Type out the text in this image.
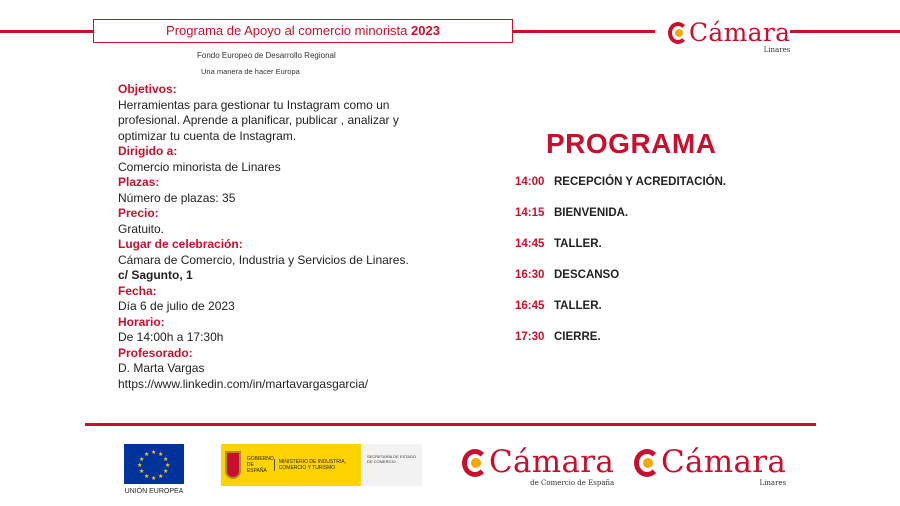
Programa de Apoyo al comercio minorista 2023
Fondo Europeo de Desarrollo Regional
Una manera de hacer Europa
Cámara
Linares
Objetivos:
Herramientas para gestionar tu Instagram como un profesional. Aprende a planificar, publicar , analizar y optimizar tu cuenta de Instagram.
Dirigido a:
Comercio minorista de Linares
Plazas:
Número de plazas: 35
Precio:
Gratuito.
Lugar de celebración:
Cámara de Comercio, Industria y Servicios de Linares.
c/ Sagunto, 1
Fecha:
Día 6 de julio de 2023
Horario:
De 14:00h a 17:30h
Profesorado:
D. Marta Vargas
https://www.linkedin.com/in/martavargasgarcia/
PROGRAMA
14:00 RECEPCIÓN Y ACREDITACIÓN.
14:15 BIENVENIDA.
14:45 TALLER.
16:30 DESCANSO
16:45 TALLER.
17:30 CIERRE.
★ ★
★
★
★
★
★
★
★
★
★
★
UNIÓN EUROPEA
GOBIERNO DE ESPAÑA
MINISTERIO DE INDUSTRIA, COMERCIO Y TURISMO
SECRETARÍA DE ESTADO DE COMERCIO	Cámara
de Comercio de España
Cámara
Linares
